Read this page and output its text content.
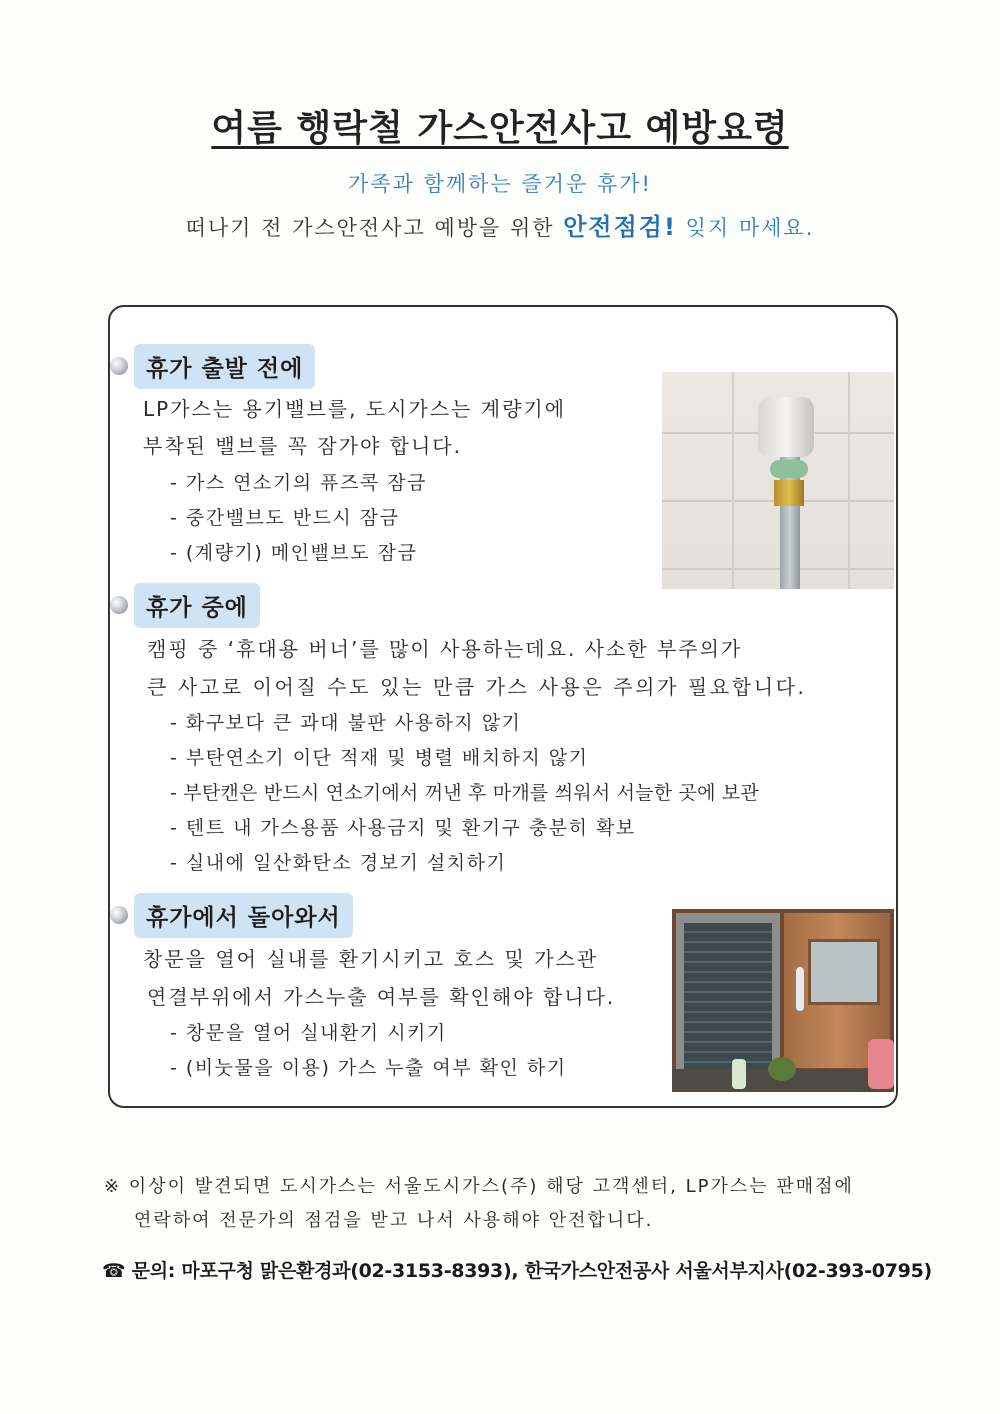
여름 행락철 가스안전사고 예방요령
가족과 함께하는 즐거운 휴가!
떠나기 전 가스안전사고 예방을 위한 안전점검! 잊지 마세요.
휴가 출발 전에
LP가스는 용기밸브를, 도시가스는 계량기에
부착된 밸브를 꼭 잠가야 합니다.
- 가스 연소기의 퓨즈콕 잠금
- 중간밸브도 반드시 잠금
- (계량기) 메인밸브도 잠금
휴가 중에
캠핑 중 ‘휴대용 버너’를 많이 사용하는데요. 사소한 부주의가
큰 사고로 이어질 수도 있는 만큼 가스 사용은 주의가 필요합니다.
- 화구보다 큰 과대 불판 사용하지 않기
- 부탄연소기 이단 적재 및 병렬 배치하지 않기
- 부탄캔은 반드시 연소기에서 꺼낸 후 마개를 씌워서 서늘한 곳에 보관
- 텐트 내 가스용품 사용금지 및 환기구 충분히 확보
- 실내에 일산화탄소 경보기 설치하기
휴가에서 돌아와서
창문을 열어 실내를 환기시키고 호스 및 가스관
연결부위에서 가스누출 여부를 확인해야 합니다.
- 창문을 열어 실내환기 시키기
- (비눗물을 이용) 가스 누출 여부 확인 하기
※ 이상이 발견되면 도시가스는 서울도시가스(주) 해당 고객센터, LP가스는 판매점에
연락하여 전문가의 점검을 받고 나서 사용해야 안전합니다.
☎ 문의: 마포구청 맑은환경과(02-3153-8393), 한국가스안전공사 서울서부지사(02-393-0795)
